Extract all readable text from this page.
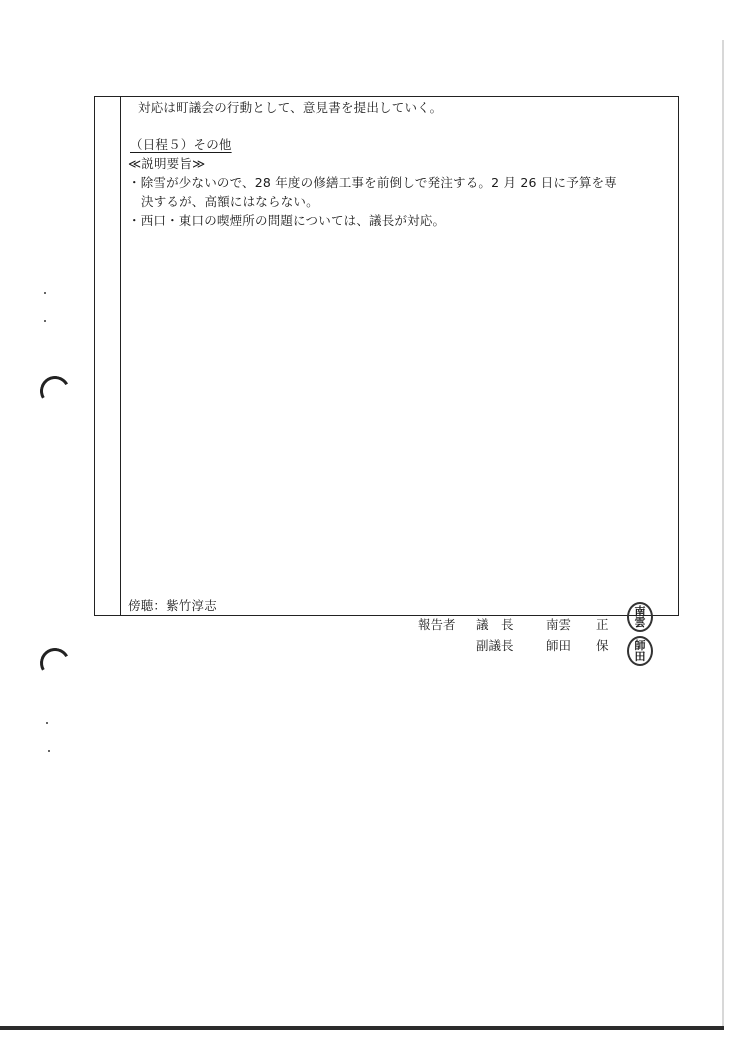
対応は町議会の行動として、意見書を提出していく。
（日程５）その他
≪説明要旨≫
・除雪が少ないので、28 年度の修繕工事を前倒しで発注する。2 月 26 日に予算を専
決するが、高額にはならない。
・西口・東口の喫煙所の問題については、議長が対応。
傍聴：紫竹淳志
報告者 議　長	南雲　　正
副議長	師田　　保
南
雲
師
田
